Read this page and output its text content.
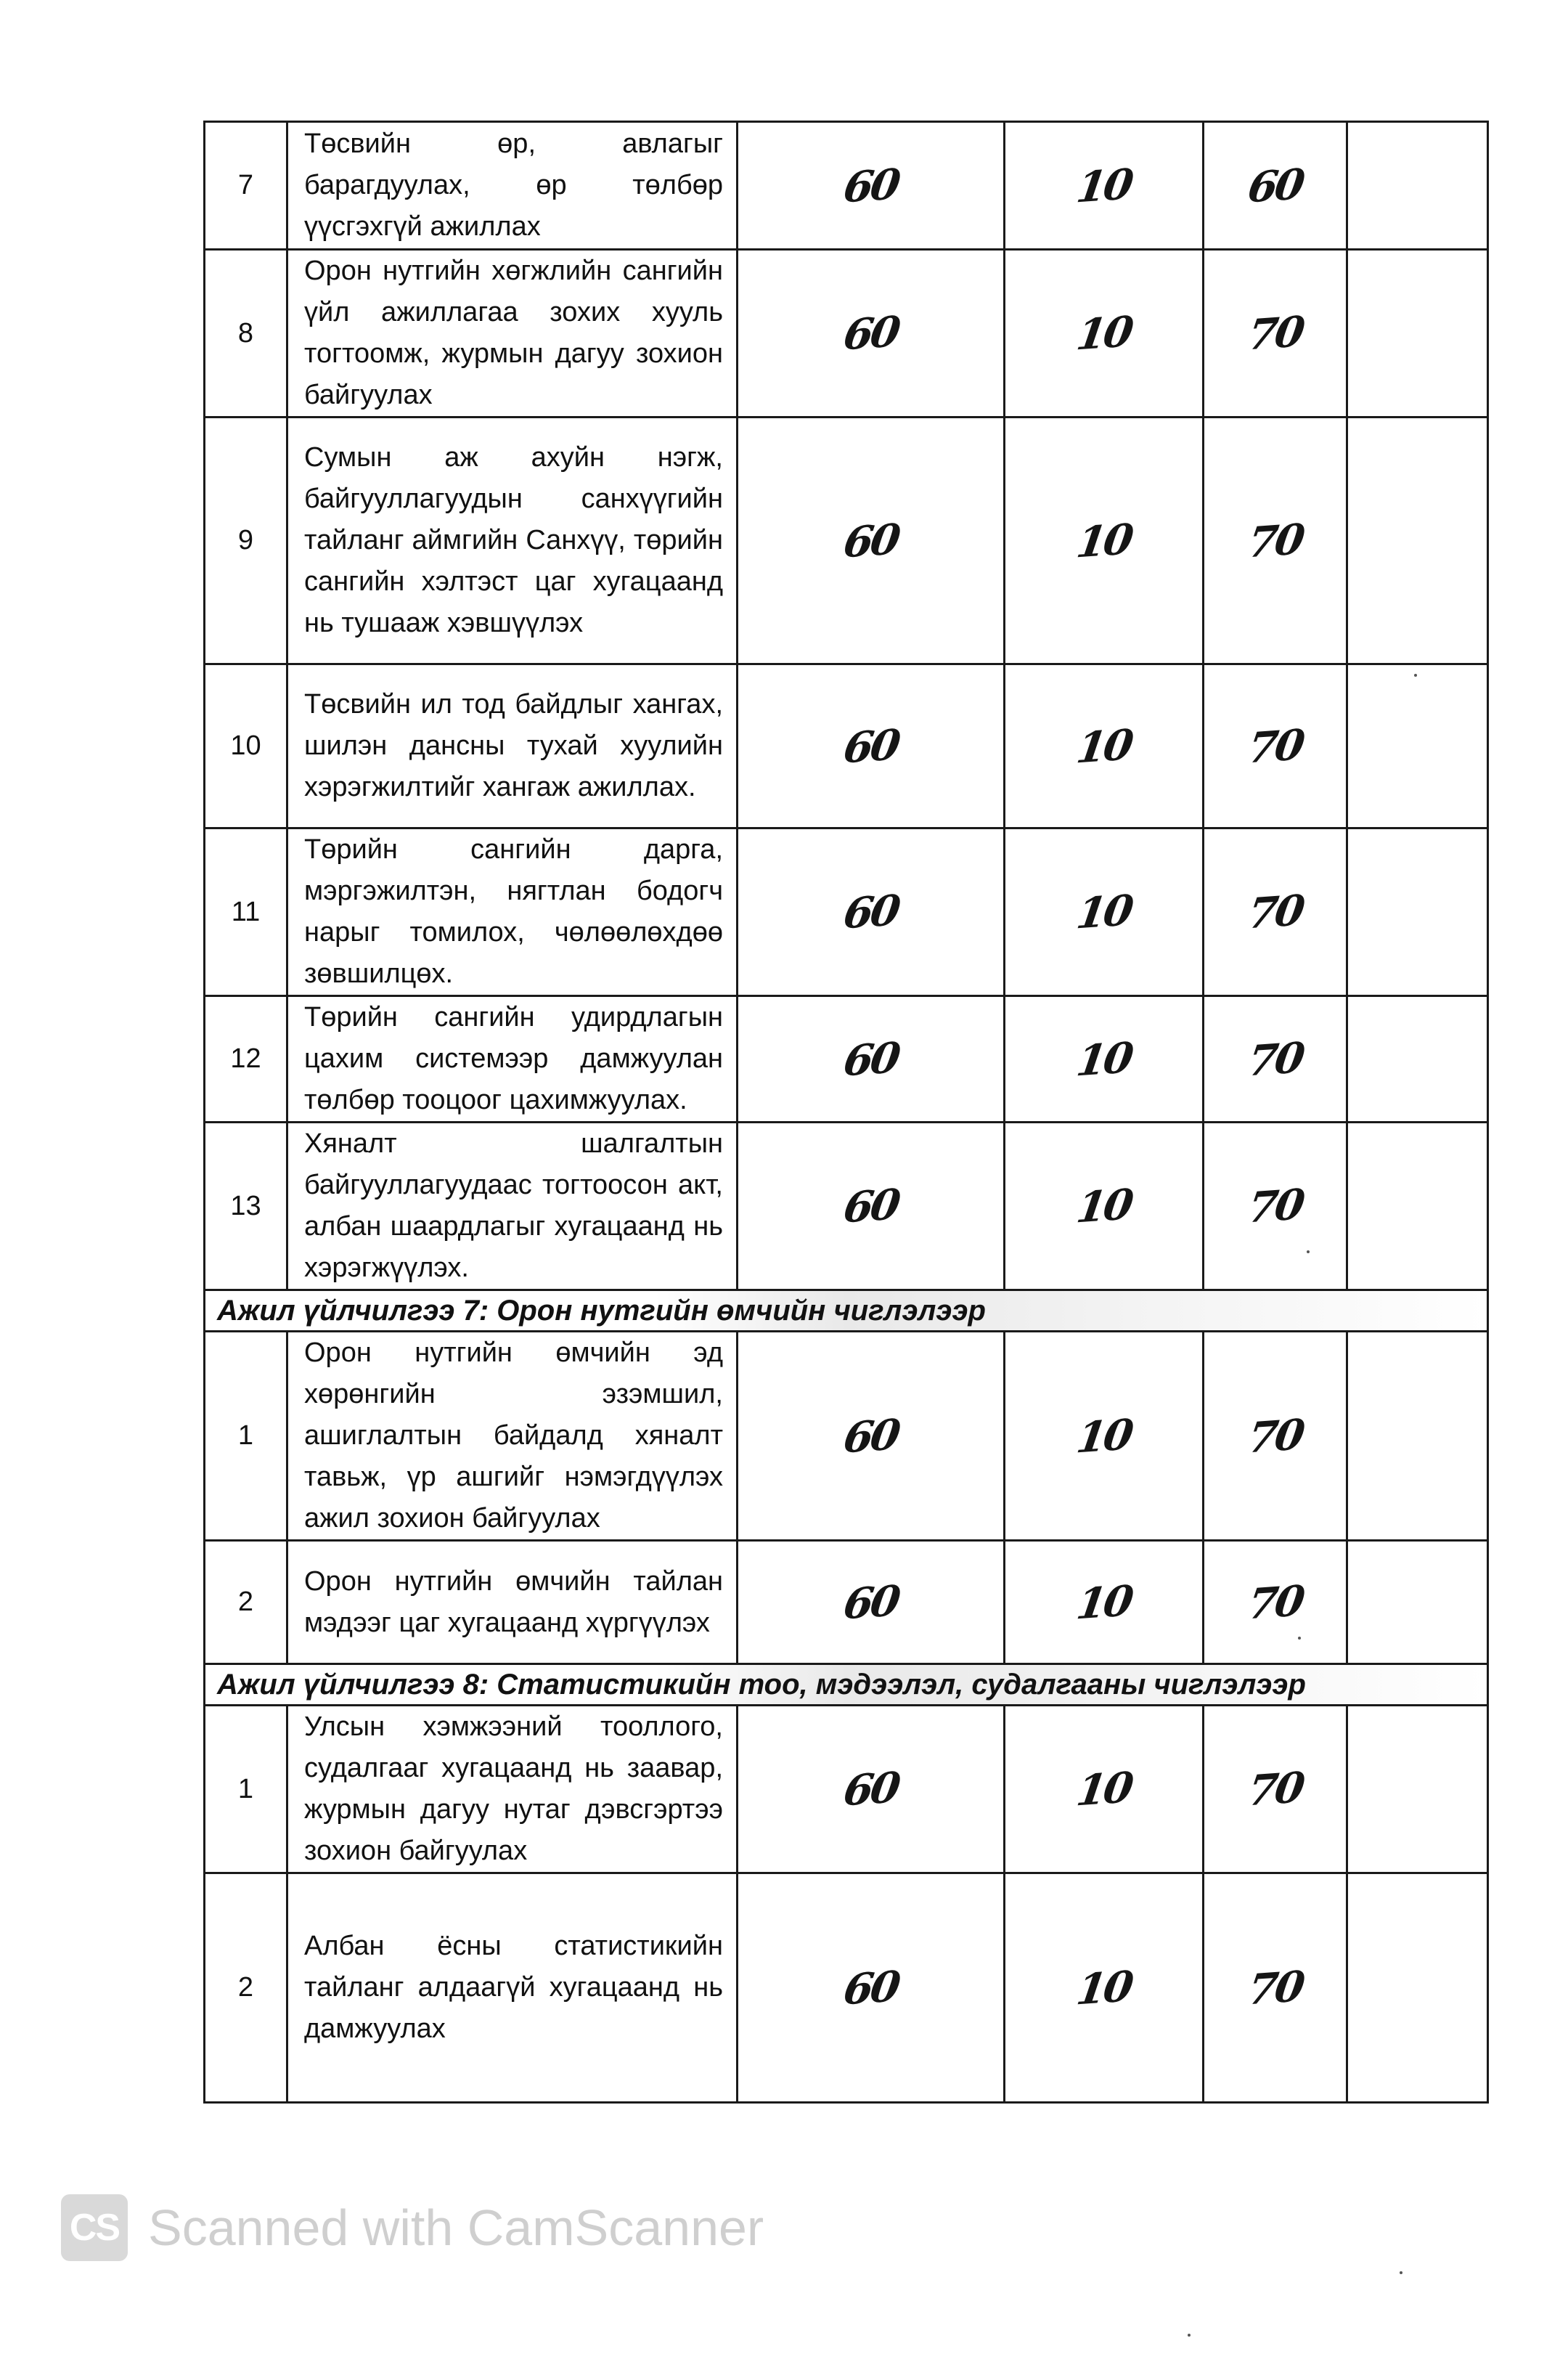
7	Төсвийн өр, авлагыг барагдуулах, өр төлбөр үүсгэхгүй ажиллах	60	10	60	
8	Орон нутгийн хөгжлийн сангийн үйл ажиллагаа зохих хууль тогтоомж, журмын дагуу зохион байгуулах	60	10	70	
9	Сумын аж ахуйн нэгж, байгууллагуудын санхүүгийн тайланг аймгийн Санхүү, төрийн сангийн хэлтэст цаг хугацаанд нь тушааж хэвшүүлэх	60	10	70	
10	Төсвийн ил тод байдлыг хангах, шилэн дансны тухай хуулийн хэрэгжилтийг хангаж ажиллах.	60	10	70	
11	Төрийн сангийн дарга, мэргэжилтэн, нягтлан бодогч нарыг томилох, чөлөөлөхдөө зөвшилцөх.	60	10	70	
12	Төрийн сангийн удирдлагын цахим системээр дамжуулан төлбөр тооцоог цахимжуулах.	60	10	70	
13	Хяналт шалгалтын байгууллагуудаас тогтоосон акт, албан шаардлагыг хугацаанд нь хэрэгжүүлэх.	60	10	70	
Ажил үйлчилгээ 7: Орон нутгийн өмчийн чиглэлээр					
1	Орон нутгийн өмчийн эд хөрөнгийн эзэмшил, ашиглалтын байдалд хяналт тавьж, үр ашгийг нэмэгдүүлэх ажил зохион байгуулах	60	10	70	
2	Орон нутгийн өмчийн тайлан мэдээг цаг хугацаанд хүргүүлэх	60	10	70	
Ажил үйлчилгээ 8: Статистикийн тоо, мэдээлэл, судалгааны чиглэлээр					
1	Улсын хэмжээний тооллого, судалгааг хугацаанд нь заавар, журмын дагуу нутаг дэвсгэртээ зохион байгуулах	60	10	70	
2	Албан ёсны статистикийн тайланг алдаагүй хугацаанд нь дамжуулах	60	10	70	
CS Scanned with CamScanner
